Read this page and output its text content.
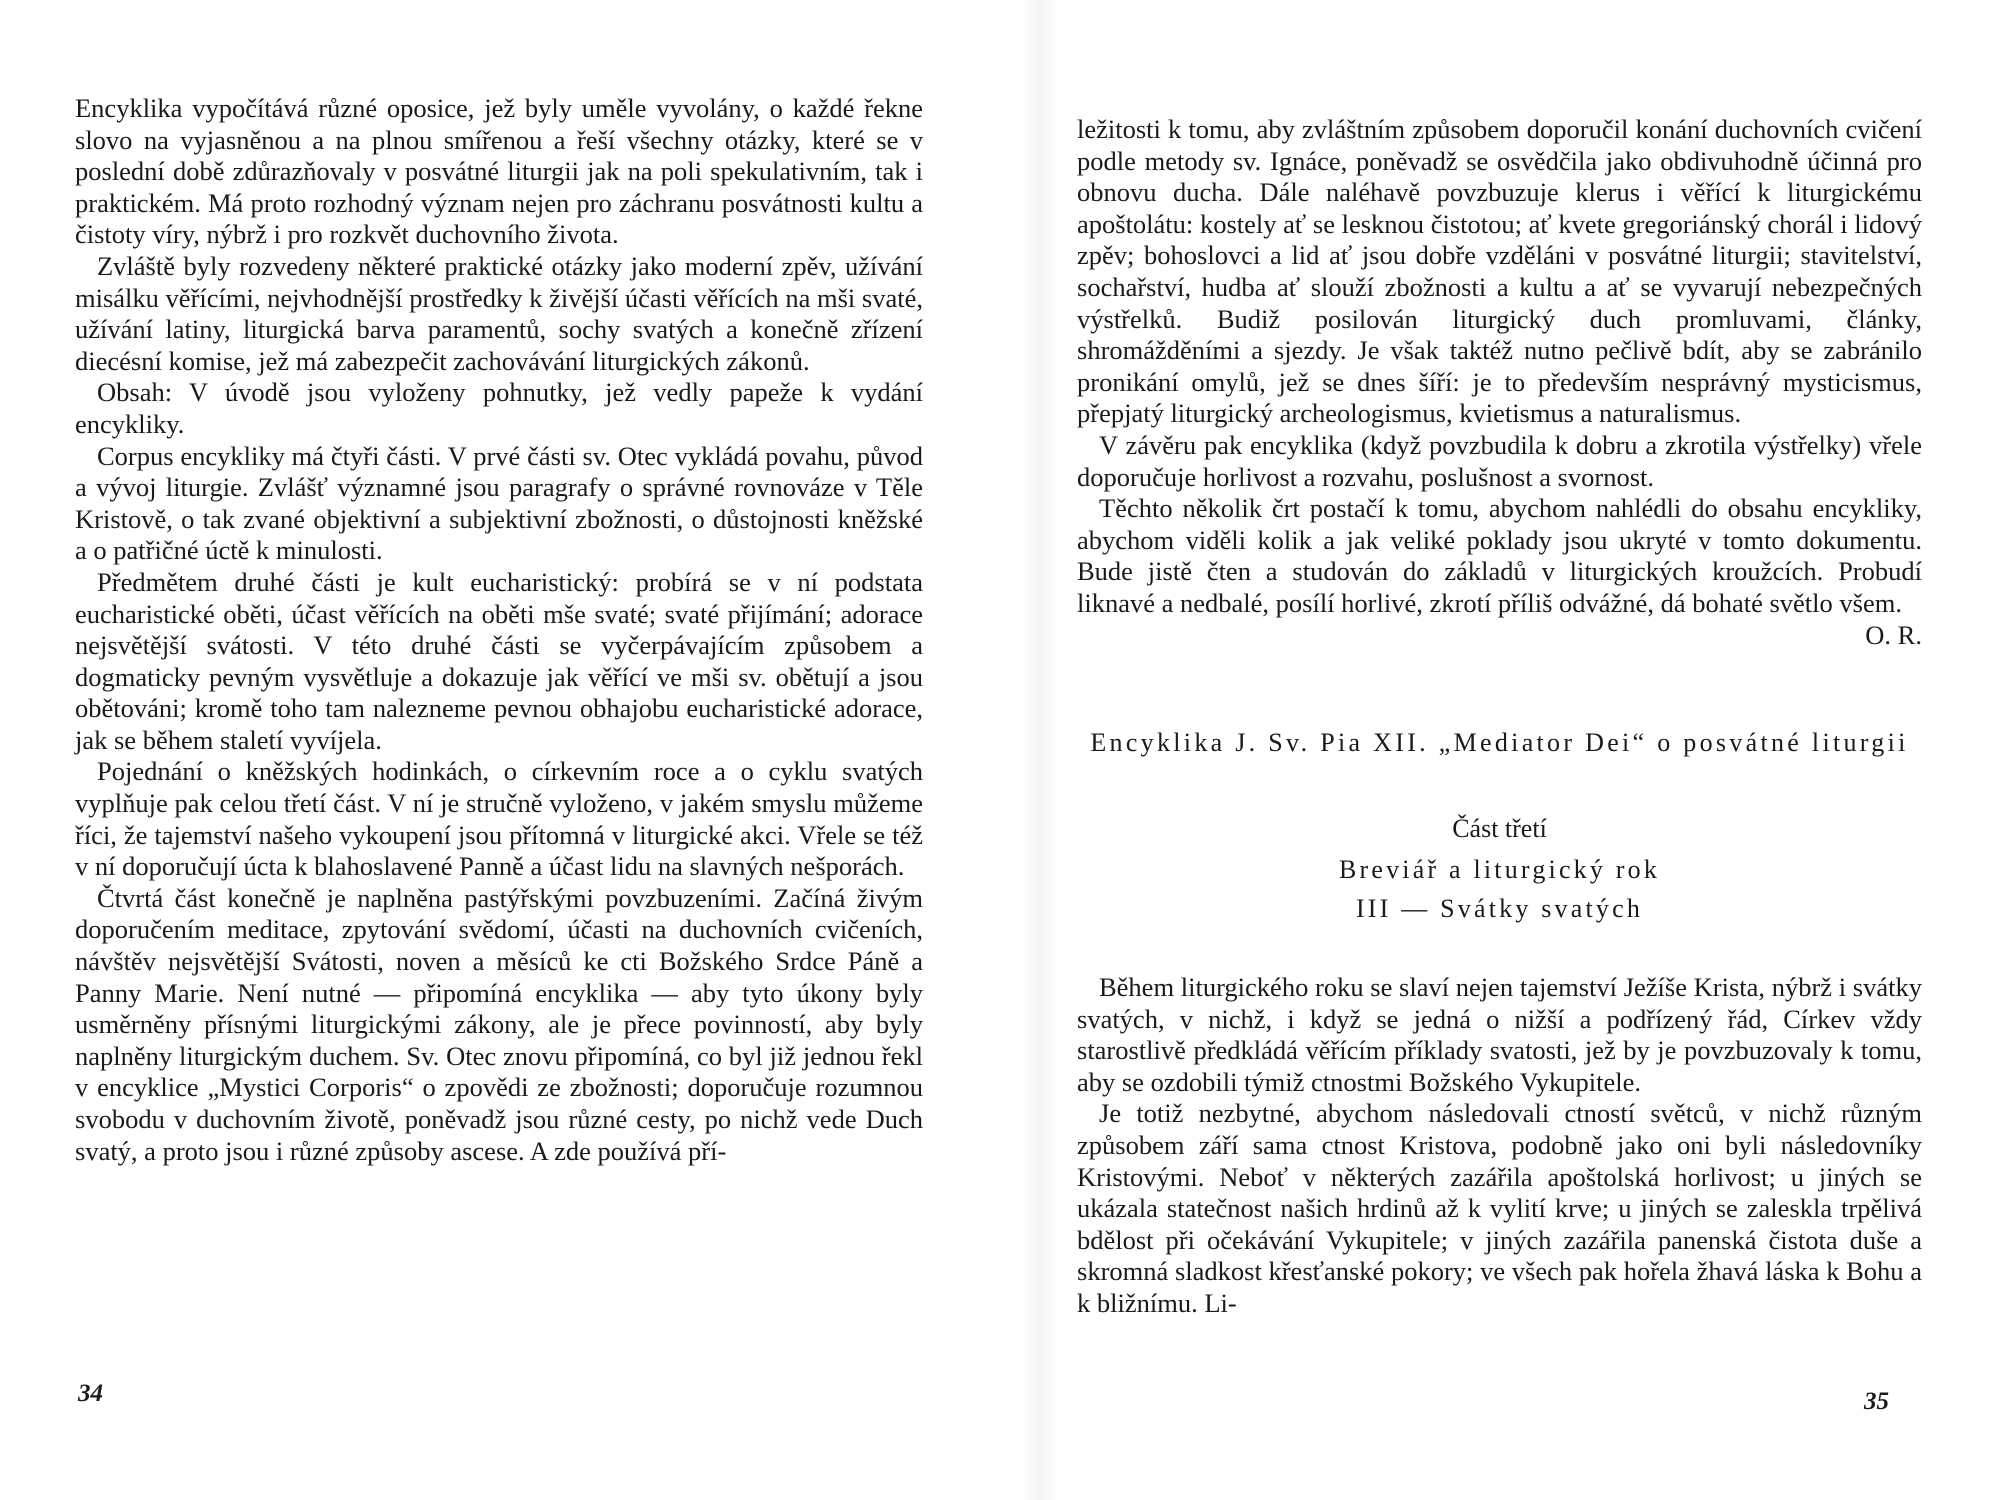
Encyklika vypočítává různé oposice, jež byly uměle vyvolány, o každé řekne slovo na vyjasněnou a na plnou smířenou a řeší všechny otázky, které se v poslední době zdůrazňovaly v posvátné liturgii jak na poli spekulativním, tak i praktickém. Má proto rozhodný význam nejen pro záchranu posvátnosti kultu a čistoty víry, nýbrž i pro rozkvět duchovního života.

Zvláště byly rozvedeny některé praktické otázky jako moderní zpěv, užívání misálku věřícími, nejvhodnější prostředky k živější účasti věřících na mši svaté, užívání latiny, liturgická barva paramentů, sochy svatých a konečně zřízení diecésní komise, jež má zabezpečit zachovávání liturgických zákonů.

Obsah: V úvodě jsou vyloženy pohnutky, jež vedly papeže k vydání encykliky.

Corpus encykliky má čtyři části. V prvé části sv. Otec vykládá povahu, původ a vývoj liturgie. Zvlášť významné jsou paragrafy o správné rovnováze v Těle Kristově, o tak zvané objektivní a subjektivní zbožnosti, o důstojnosti kněžské a o patřičné úctě k minulosti.

Předmětem druhé části je kult eucharistický: probírá se v ní podstata eucharistické oběti, účast věřících na oběti mše svaté; svaté přijímání; adorace nejsvětější svátosti. V této druhé části se vyčerpávajícím způsobem a dogmaticky pevným vysvětluje a dokazuje jak věřící ve mši sv. obětují a jsou obětováni; kromě toho tam nalezneme pevnou obhajobu eucharistické adorace, jak se během staletí vyvíjela.

Pojednání o kněžských hodinkách, o církevním roce a o cyklu svatých vyplňuje pak celou třetí část. V ní je stručně vyloženo, v jakém smyslu můžeme říci, že tajemství našeho vykoupení jsou přítomná v liturgické akci. Vřele se též v ní doporučují úcta k blahoslavené Panně a účast lidu na slavných nešporách.

Čtvrtá část konečně je naplněna pastýřskými povzbuzeními. Začíná živým doporučením meditace, zpytování svědomí, účasti na duchovních cvičeních, návštěv nejsvětější Svátosti, noven a měsíců ke cti Božského Srdce Páně a Panny Marie. Není nutné — připomíná encyklika — aby tyto úkony byly usměrněny přísnými liturgickými zákony, ale je přece povinností, aby byly naplněny liturgickým duchem. Sv. Otec znovu připomíná, co byl již jednou řekl v encyklice „Mystici Corporis“ o zpovědi ze zbožnosti; doporučuje rozumnou svobodu v duchovním životě, poněvadž jsou různé cesty, po nichž vede Duch svatý, a proto jsou i různé způsoby ascese. A zde používá pří-

34

ležitosti k tomu, aby zvláštním způsobem doporučil konání duchovních cvičení podle metody sv. Ignáce, poněvadž se osvědčila jako obdivuhodně účinná pro obnovu ducha. Dále naléhavě povzbuzuje klerus i věřící k liturgickému apoštolátu: kostely ať se lesknou čistotou; ať kvete gregoriánský chorál i lidový zpěv; bohoslovci a lid ať jsou dobře vzděláni v posvátné liturgii; stavitelství, sochařství, hudba ať slouží zbožnosti a kultu a ať se vyvarují nebezpečných výstřelků. Budiž posilován liturgický duch promluvami, články, shromážděními a sjezdy. Je však taktéž nutno pečlivě bdít, aby se zabránilo pronikání omylů, jež se dnes šíří: je to především nesprávný mysticismus, přepjatý liturgický archeologismus, kvietismus a naturalismus.

V závěru pak encyklika (když povzbudila k dobru a zkrotila výstřelky) vřele doporučuje horlivost a rozvahu, poslušnost a svornost.

Těchto několik črt postačí k tomu, abychom nahlédli do obsahu encykliky, abychom viděli kolik a jak veliké poklady jsou ukryté v tomto dokumentu. Bude jistě čten a studován do základů v liturgických kroužcích. Probudí liknavé a nedbalé, posílí horlivé, zkrotí příliš odvážné, dá bohaté světlo všem.
O. R.

Encyklika J. Sv. Pia XII. „Mediator Dei“ o posvátné liturgii

Část třetí

Breviář a liturgický rok

III — Svátky svatých

Během liturgického roku se slaví nejen tajemství Ježíše Krista, nýbrž i svátky svatých, v nichž, i když se jedná o nižší a podřízený řád, Církev vždy starostlivě předkládá věřícím příklady svatosti, jež by je povzbuzovaly k tomu, aby se ozdobili týmiž ctnostmi Božského Vykupitele.

Je totiž nezbytné, abychom následovali ctností světců, v nichž různým způsobem září sama ctnost Kristova, podobně jako oni byli následovníky Kristovými. Neboť v některých zazářila apoštolská horlivost; u jiných se ukázala statečnost našich hrdinů až k vylití krve; u jiných se zaleskla trpělivá bdělost při očekávání Vykupitele; v jiných zazářila panenská čistota duše a skromná sladkost křesťanské pokory; ve všech pak hořela žhavá láska k Bohu a k bližnímu. Li-

35
